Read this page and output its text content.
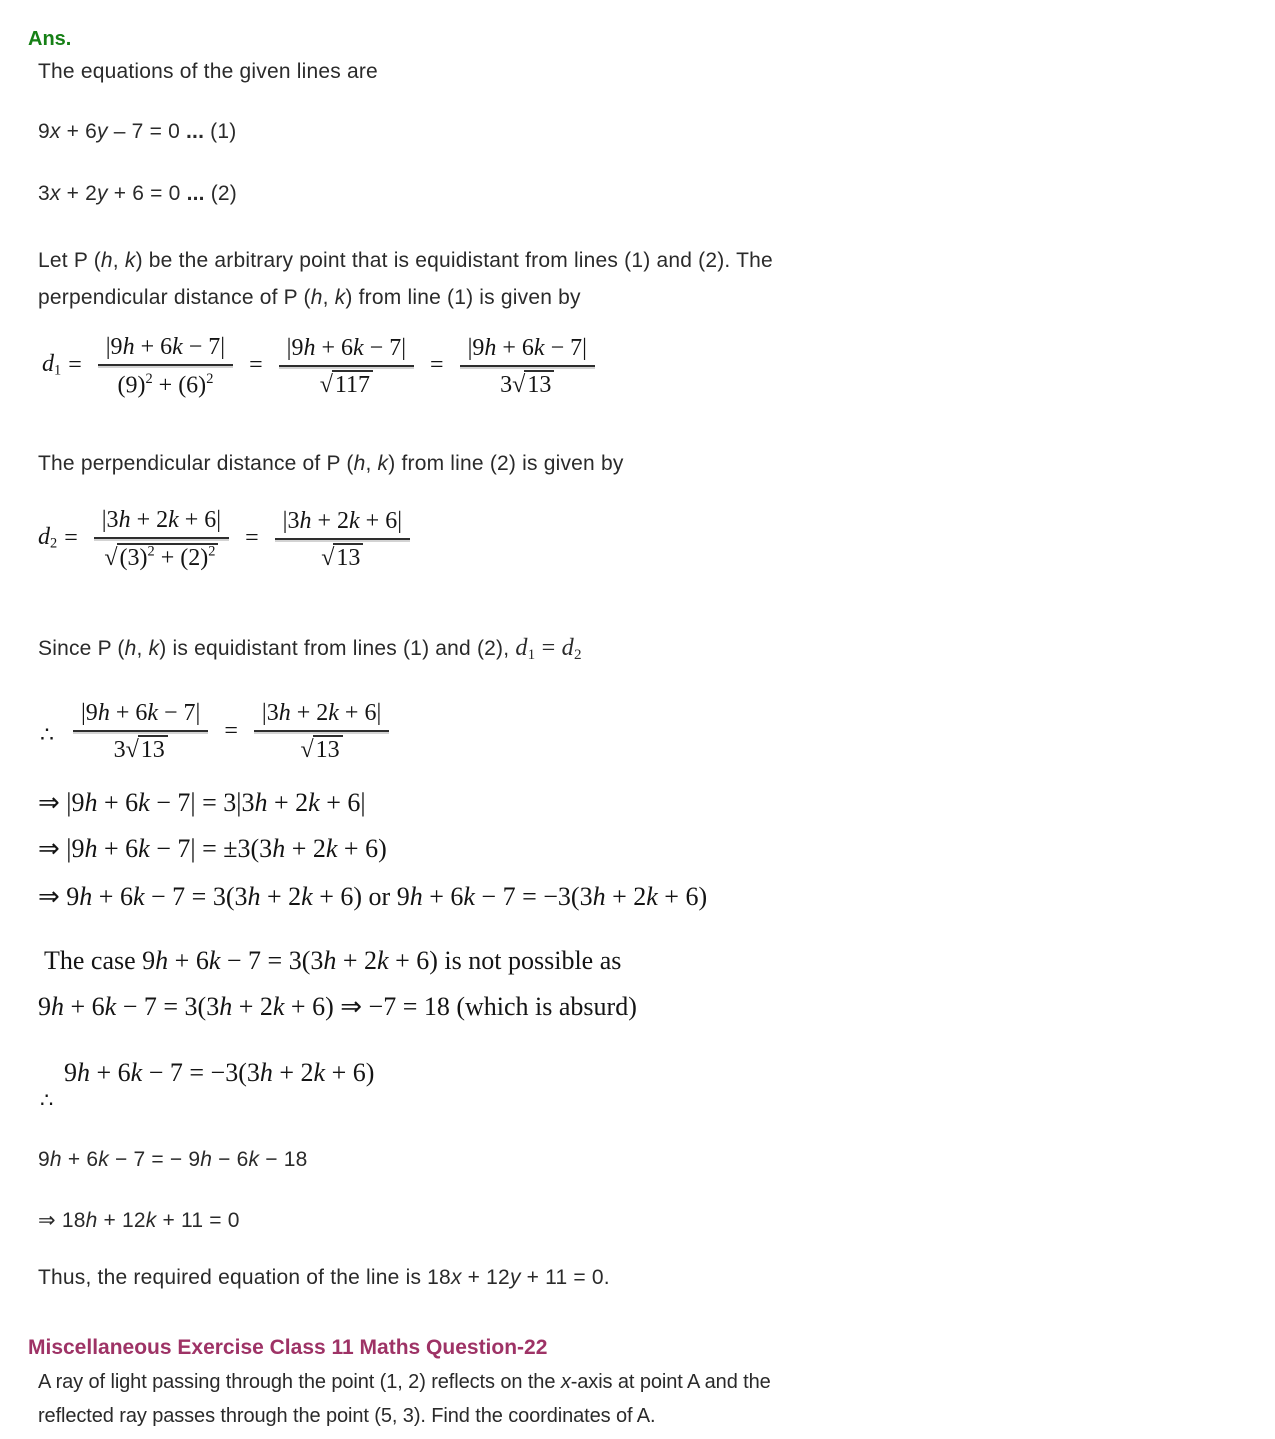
Ans.
The equations of the given lines are
9x + 6y – 7 = 0 ... (1)
3x + 2y + 6 = 0 ... (2)
Let P (h, k) be the arbitrary point that is equidistant from lines (1) and (2). The
perpendicular distance of P (h, k) from line (1) is given by
$d_1 = \frac{|9h + 6k - 7|}{(9)^2 + (6)^2} = \frac{|9h + 6k - 7|}{√117} = \frac{|9h + 6k - 7|}{3√13}$
The perpendicular distance of P (h, k) from line (2) is given by
$d_2 = \frac{|3h + 2k + 6|}{√(3)^2 + (2)^2} = \frac{|3h + 2k + 6|}{√13}$
Since P (h, k) is equidistant from lines (1) and (2), $d_1 = d_2$
∴ $\frac{|9h + 6k - 7|}{3√13} = \frac{|3h + 2k + 6|}{√13}$
⇒ |9h + 6k − 7| = 3|3h + 2k + 6|
⇒ |9h + 6k − 7| = ±3(3h + 2k + 6)
⇒ 9h + 6k − 7 = 3(3h + 2k + 6) or 9h + 6k − 7 = −3(3h + 2k + 6)
The case 9h + 6k − 7 = 3(3h + 2k + 6) is not possible as
9h + 6k − 7 = 3(3h + 2k + 6) ⇒ −7 = 18 (which is absurd)
∴
9h + 6k − 7 = −3(3h + 2k + 6)
9h + 6k − 7 = − 9h − 6k − 18
⇒ 18h + 12k + 11 = 0
Thus, the required equation of the line is 18x + 12y + 11 = 0.
Miscellaneous Exercise Class 11 Maths Question-22
A ray of light passing through the point (1, 2) reflects on the x-axis at point A and the
reflected ray passes through the point (5, 3). Find the coordinates of A.
